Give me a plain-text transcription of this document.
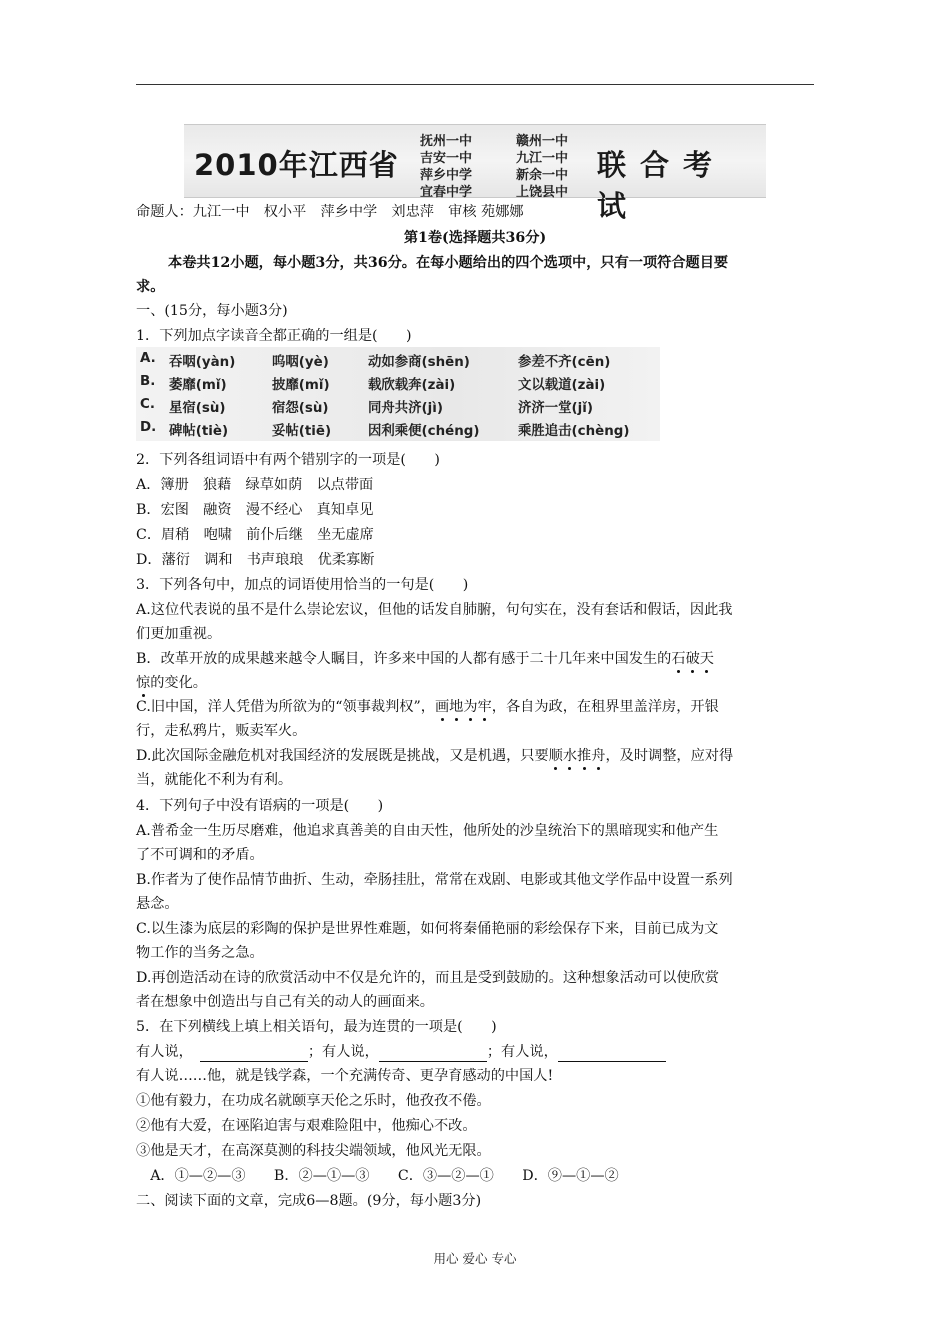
2010年江西省
抚州一中	赣州一中
吉安一中	九江一中
萍乡中学	新余一中
宜春中学	上饶县中
联合考试
命题人：九江一中　权小平　萍乡中学　刘忠萍　审核 苑娜娜
第1卷(选择题共36分)
本卷共12小题，每小题3分，共36分。在每小题给出的四个选项中，只有一项符合题目要
求。
一、(15分，每小题3分)
1．下列加点字读音全都正确的一组是(　　)
A. 吞咽(yàn)	呜咽(yè)	动如参商(shēn)	参差不齐(cēn)
B. 萎靡(mǐ)	披靡(mǐ)	载欣载奔(zài)	文以载道(zài)
C. 星宿(sù)	宿怨(sù)	同舟共济(jì)	济济一堂(jǐ)
D. 碑帖(tiè)	妥帖(tiē)	因利乘便(chéng)	乘胜追击(chèng)
2．下列各组词语中有两个错别字的一项是(　　)
A．簿册　狼藉　绿草如荫　以点带面
B．宏图　融资　漫不经心　真知卓见
C．眉稍　咆啸　前仆后继　坐无虚席
D．藩衍　调和　书声琅琅　优柔寡断
3．下列各句中，加点的词语使用恰当的一句是(　　)
A.这位代表说的虽不是什么崇论宏议，但他的话发自肺腑，句句实在，没有套话和假话，因此我
们更加重视。
B．改革开放的成果越来越令人瞩目，许多来中国的人都有感于二十几年来中国发生的石破天
惊的变化。
C.旧中国，洋人凭借为所欲为的“领事裁判权”，画地为牢，各自为政，在租界里盖洋房，开银
行，走私鸦片，贩卖军火。
D.此次国际金融危机对我国经济的发展既是挑战，又是机遇，只要顺水推舟，及时调整，应对得
当，就能化不利为有利。
4．下列句子中没有语病的一项是(　　)
A.普希金一生历尽磨难，他追求真善美的自由天性，他所处的沙皇统治下的黑暗现实和他产生
了不可调和的矛盾。
B.作者为了使作品情节曲折、生动，牵肠挂肚，常常在戏剧、电影或其他文学作品中设置一系列
悬念。
C.以生漆为底层的彩陶的保护是世界性难题，如何将秦俑艳丽的彩绘保存下来，目前已成为文
物工作的当务之急。
D.再创造活动在诗的欣赏活动中不仅是允许的，而且是受到鼓励的。这种想象活动可以使欣赏
者在想象中创造出与自己有关的动人的画面来。
5．在下列横线上填上相关语句，最为连贯的一项是(　　)
有人说，　	；有人说，	；有人说，
有人说……他，就是钱学森，一个充满传奇、更孕育感动的中国人!
①他有毅力，在功成名就颐享天伦之乐时，他孜孜不倦。
②他有大爱，在诬陷迫害与艰难险阻中，他痴心不改。
③他是天才，在高深莫测的科技尖端领域，他风光无限。
　A．①—②—③　　B．②—①—③　　C．③—②—①　　D．⑨—①—②
二、阅读下面的文章，完成6—8题。(9分，每小题3分)
用心 爱心 专心
